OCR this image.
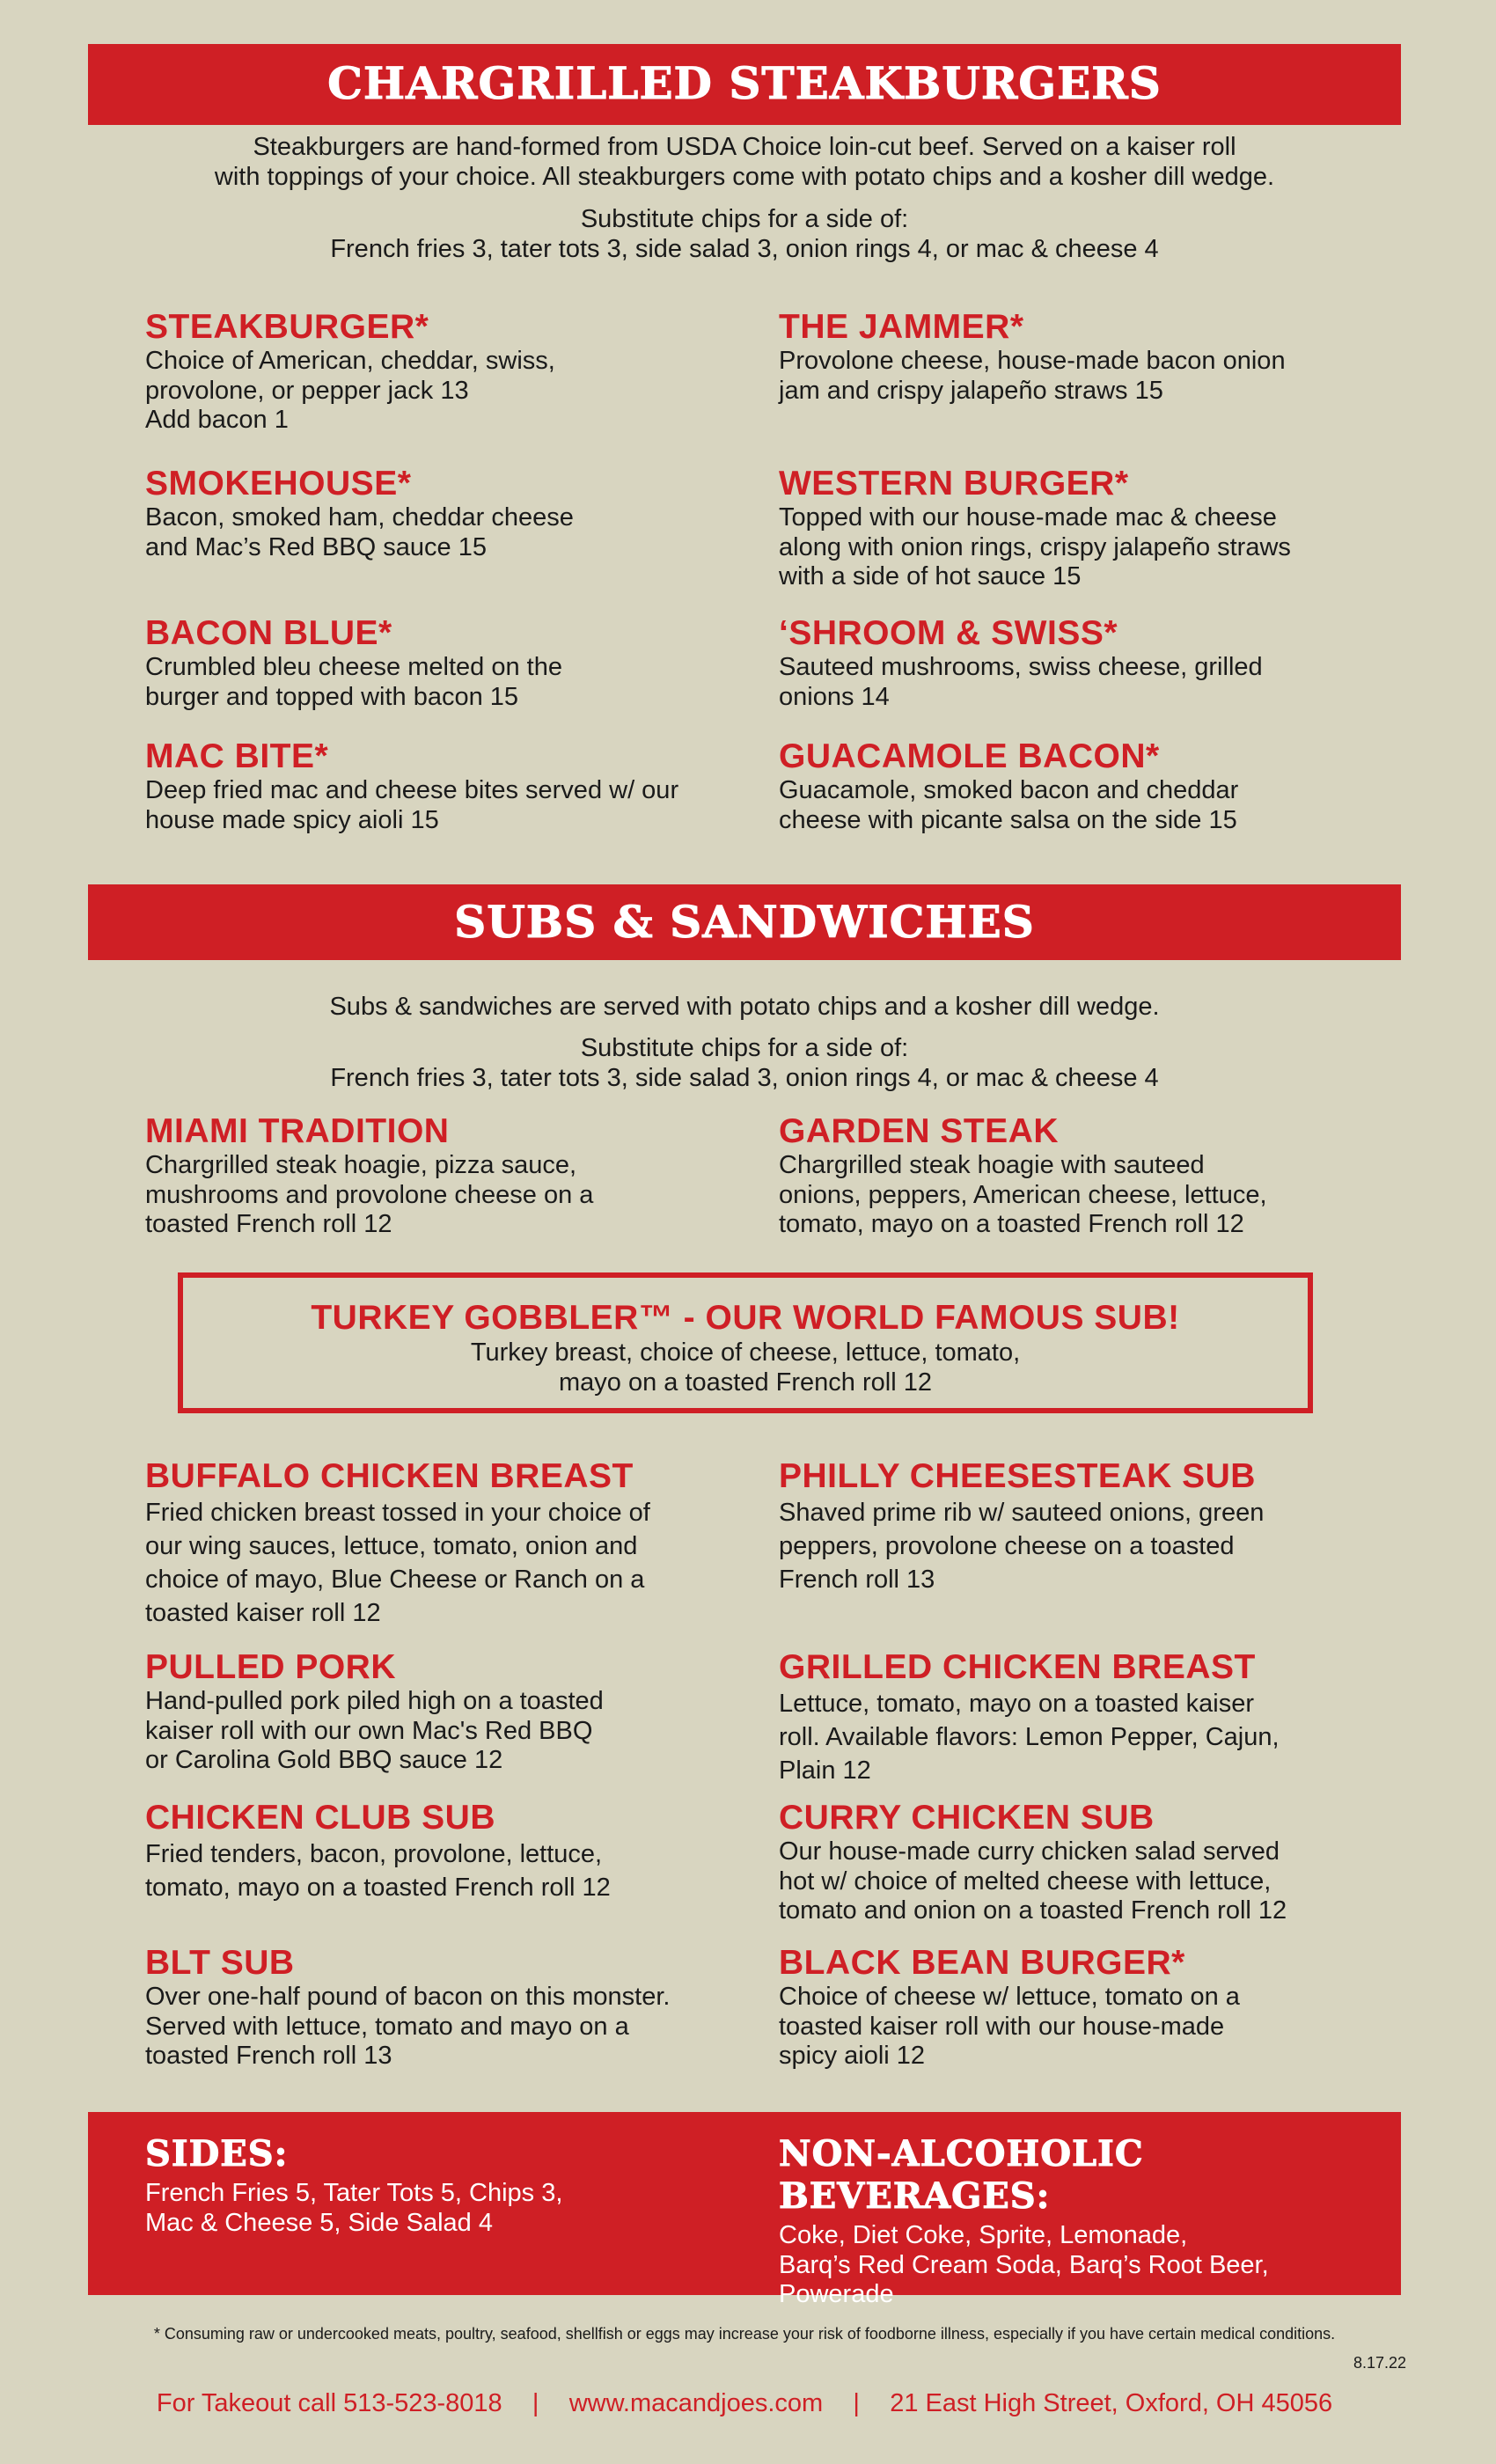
CHARGRILLED STEAKBURGERS
Steakburgers are hand-formed from USDA Choice loin-cut beef. Served on a kaiser roll
with toppings of your choice. All steakburgers come with potato chips and a kosher dill wedge.
Substitute chips for a side of:
French fries 3, tater tots 3, side salad 3, onion rings 4, or mac & cheese 4
STEAKBURGER*
Choice of American, cheddar, swiss,
provolone, or pepper jack 13
Add bacon 1
THE JAMMER*
Provolone cheese, house-made bacon onion
jam and crispy jalapeño straws 15
SMOKEHOUSE*
Bacon, smoked ham, cheddar cheese
and Mac’s Red BBQ sauce 15
WESTERN BURGER*
Topped with our house-made mac & cheese
along with onion rings, crispy jalapeño straws
with a side of hot sauce 15
BACON BLUE*
Crumbled bleu cheese melted on the
burger and topped with bacon 15
‘SHROOM & SWISS*
Sauteed mushrooms, swiss cheese, grilled
onions 14
MAC BITE*
Deep fried mac and cheese bites served w/ our
house made spicy aioli 15
GUACAMOLE BACON*
Guacamole, smoked bacon and cheddar
cheese with picante salsa on the side 15
SUBS & SANDWICHES
Subs & sandwiches are served with potato chips and a kosher dill wedge.
Substitute chips for a side of:
French fries 3, tater tots 3, side salad 3, onion rings 4, or mac & cheese 4
MIAMI TRADITION
Chargrilled steak hoagie, pizza sauce,
mushrooms and provolone cheese on a
toasted French roll 12
GARDEN STEAK
Chargrilled steak hoagie with sauteed
onions, peppers, American cheese, lettuce,
tomato, mayo on a toasted French roll 12
TURKEY GOBBLER™ - OUR WORLD FAMOUS SUB!
Turkey breast, choice of cheese, lettuce, tomato,
mayo on a toasted French roll 12
BUFFALO CHICKEN BREAST
Fried chicken breast tossed in your choice of
our wing sauces, lettuce, tomato, onion and
choice of mayo, Blue Cheese or Ranch on a
toasted kaiser roll 12
PHILLY CHEESESTEAK SUB
Shaved prime rib w/ sauteed onions, green
peppers, provolone cheese on a toasted
French roll 13
PULLED PORK
Hand-pulled pork piled high on a toasted
kaiser roll with our own Mac's Red BBQ
or Carolina Gold BBQ sauce 12
GRILLED CHICKEN BREAST
Lettuce, tomato, mayo on a toasted kaiser
roll. Available flavors: Lemon Pepper, Cajun,
Plain 12
CHICKEN CLUB SUB
Fried tenders, bacon, provolone, lettuce,
tomato, mayo on a toasted French roll 12
CURRY CHICKEN SUB
Our house-made curry chicken salad served
hot w/ choice of melted cheese with lettuce,
tomato and onion on a toasted French roll 12
BLT SUB
Over one-half pound of bacon on this monster.
Served with lettuce, tomato and mayo on a
toasted French roll 13
BLACK BEAN BURGER*
Choice of cheese w/ lettuce, tomato on a
toasted kaiser roll with our house-made
spicy aioli 12
SIDES:
French Fries 5, Tater Tots 5, Chips 3,
Mac & Cheese 5, Side Salad 4
NON-ALCOHOLIC BEVERAGES:
Coke, Diet Coke, Sprite, Lemonade,
Barq’s Red Cream Soda, Barq’s Root Beer,
Powerade
* Consuming raw or undercooked meats, poultry, seafood, shellfish or eggs may increase your risk of foodborne illness, especially if you have certain medical conditions.
8.17.22
For Takeout call 513-523-8018 | www.macandjoes.com | 21 East High Street, Oxford, OH 45056
